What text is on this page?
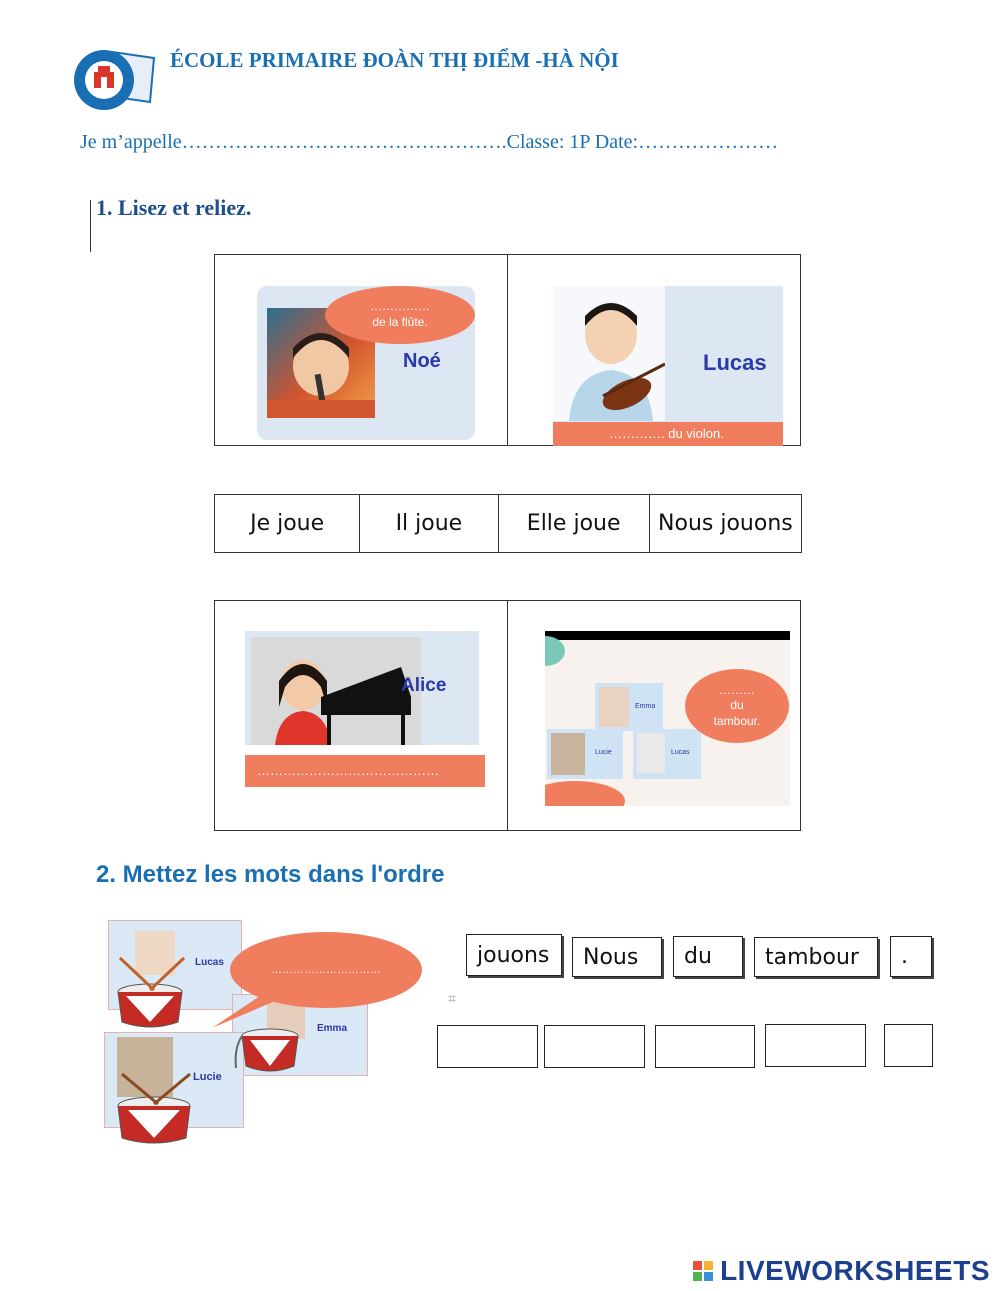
ÉCOLE PRIMAIRE ĐOÀN THỊ ĐIỂM -HÀ NỘI
Je m’appelle………………………………………….Classe: 1P Date:…………………
1. Lisez et reliez.
……………
de la flûte.
Noé	Lucas
…………. du violon.
Je joue	Il joue	Elle joue	Nous jouons
Alice
……………………………………
Emma
Lucie	Lucas
………
du
tambour.
2. Mettez les mots dans l'ordre
Lucas
Emma
Lucie
…………………………
jouons	Nous	du	tambour	.
⌗
LIVEWORKSHEETS
